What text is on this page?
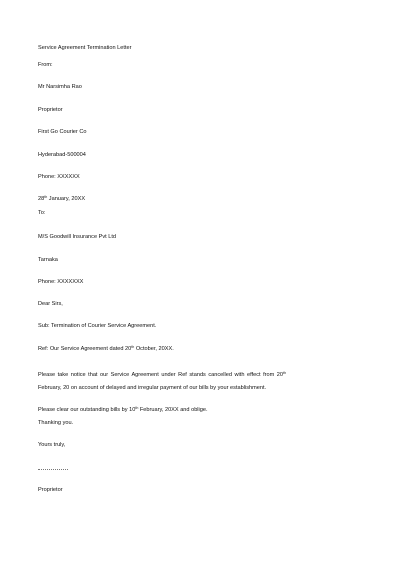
Service Agreement Termination Letter
From:
Mr Narsimha Rao
Proprietor
First Go Courier Co
Hyderabad-500004
Phone: XXXXXX
28th January, 20XX
To:
M/S Goodwill Insurance Pvt Ltd
Tarnaka
Phone: XXXXXXX
Dear Sirs,
Sub: Termination of Courier Service Agreement.
Ref: Our Service Agreement dated 20th October, 20XX.
Please take notice that our Service Agreement under Ref stands cancelled with effect from 20th February, 20 on account of delayed and irregular payment of our bills by your establishment.
Please clear our outstanding bills by 10th February, 20XX and oblige.
Thanking you.
Yours truly,
Proprietor
